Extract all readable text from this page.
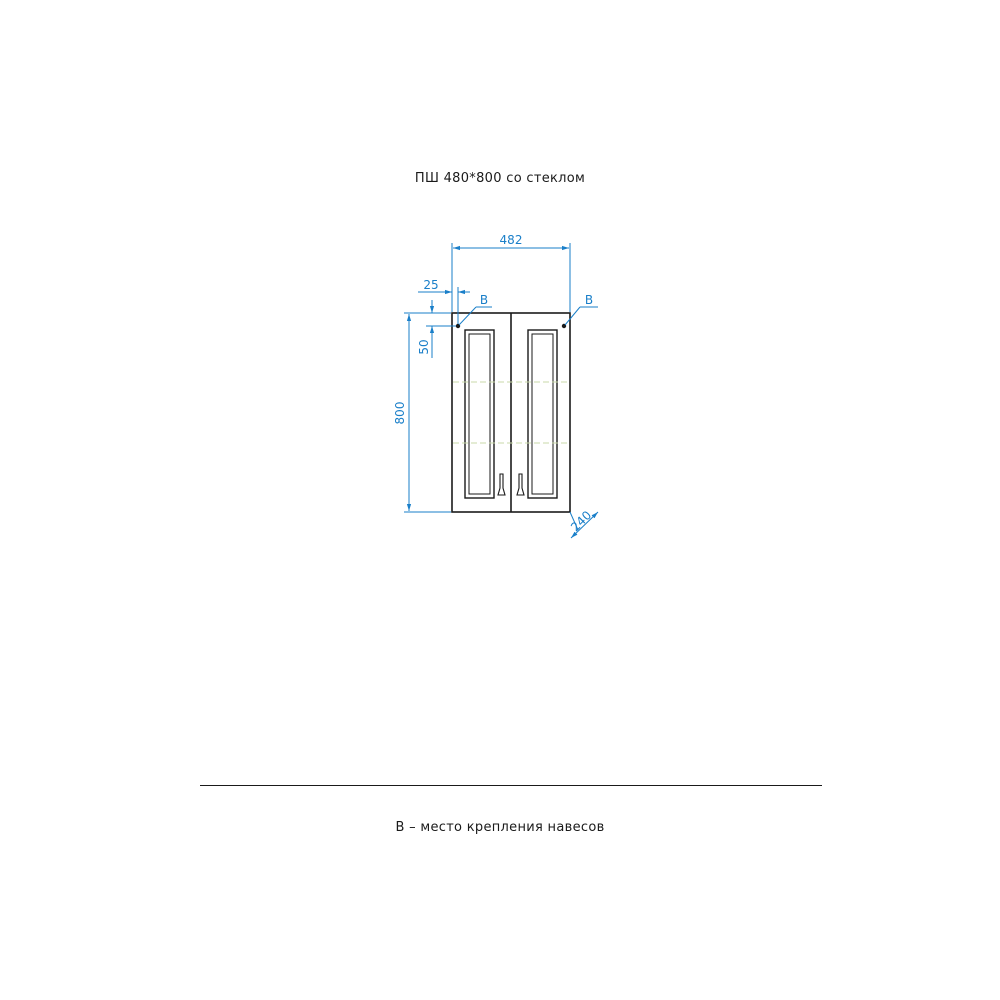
ПШ 480*800 со стеклом
482
25
50
800
240
В	В
В – место крепления навесов
